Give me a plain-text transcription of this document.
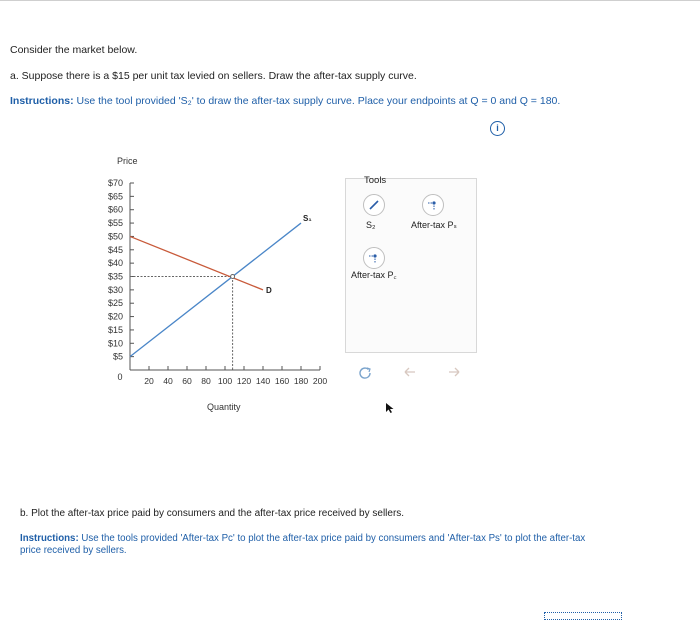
Consider the market below.
a. Suppose there is a $15 per unit tax levied on sellers. Draw the after-tax supply curve.
Instructions: Use the tool provided 'S₂' to draw the after-tax supply curve. Place your endpoints at Q = 0 and Q = 180.
i
Price
$70
$65
$60
$55
$50
$45
$40
$35
$30
$25
$20
$15
$10
$5
20 40 60 80 100 120 140 160 180 200
S₁
D
0
Quantity
Tools
S₂	After-tax Pₛ
After-tax P꜀
b. Plot the after-tax price paid by consumers and the after-tax price received by sellers.
Instructions: Use the tools provided 'After-tax Pc' to plot the after-tax price paid by consumers and 'After-tax Ps' to plot the after-tax
price received by sellers.
